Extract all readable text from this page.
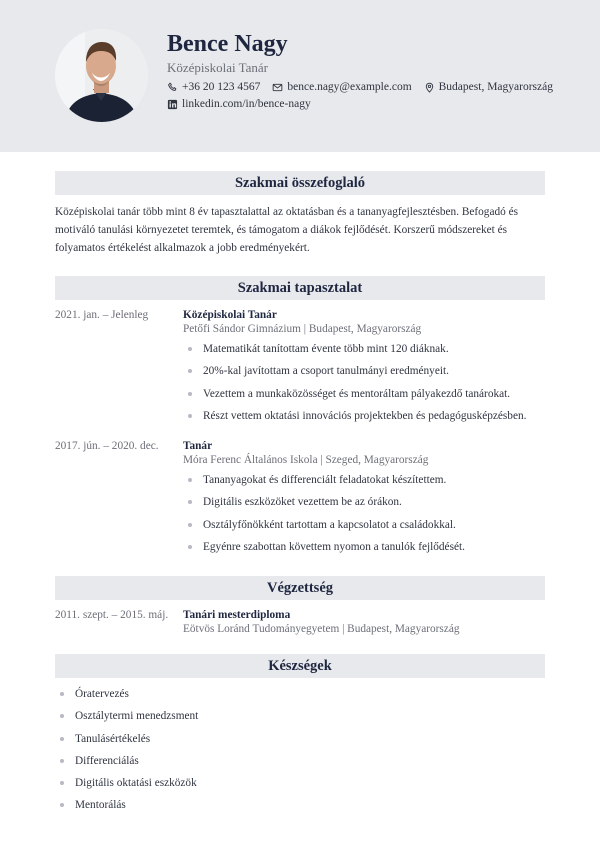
Bence Nagy
Középiskolai Tanár
+36 20 123 4567 bence.nagy@example.com Budapest, Magyarország
linkedin.com/in/bence-nagy
Szakmai összefoglaló

Középiskolai tanár több mint 8 év tapasztalattal az oktatásban és a tananyagfejlesztésben. Befogadó és motiváló tanulási környezetet teremtek, és támogatom a diákok fejlődését. Korszerű módszereket és folyamatos értékelést alkalmazok a jobb eredményekért.

Szakmai tapasztalat
2021. jan. – Jelenleg	Középiskolai Tanár
Petőfi Sándor Gimnázium | Budapest, Magyarország
Matematikát tanítottam évente több mint 120 diáknak.
20%-kal javítottam a csoport tanulmányi eredményeit.
Vezettem a munkaközösséget és mentoráltam pályakezdő tanárokat.
Részt vettem oktatási innovációs projektekben és pedagógusképzésben.
2017. jún. – 2020. dec. Tanár
Móra Ferenc Általános Iskola | Szeged, Magyarország
Tananyagokat és differenciált feladatokat készítettem.
Digitális eszközöket vezettem be az órákon.
Osztályfőnökként tartottam a kapcsolatot a családokkal.
Egyénre szabottan követtem nyomon a tanulók fejlődését.
Végzettség
2011. szept. – 2015. máj. Tanári mesterdiploma
Eötvös Loránd Tudományegyetem | Budapest, Magyarország
Készségek
Óratervezés
Osztálytermi menedzsment
Tanulásértékelés
Differenciálás
Digitális oktatási eszközök
Mentorálás
